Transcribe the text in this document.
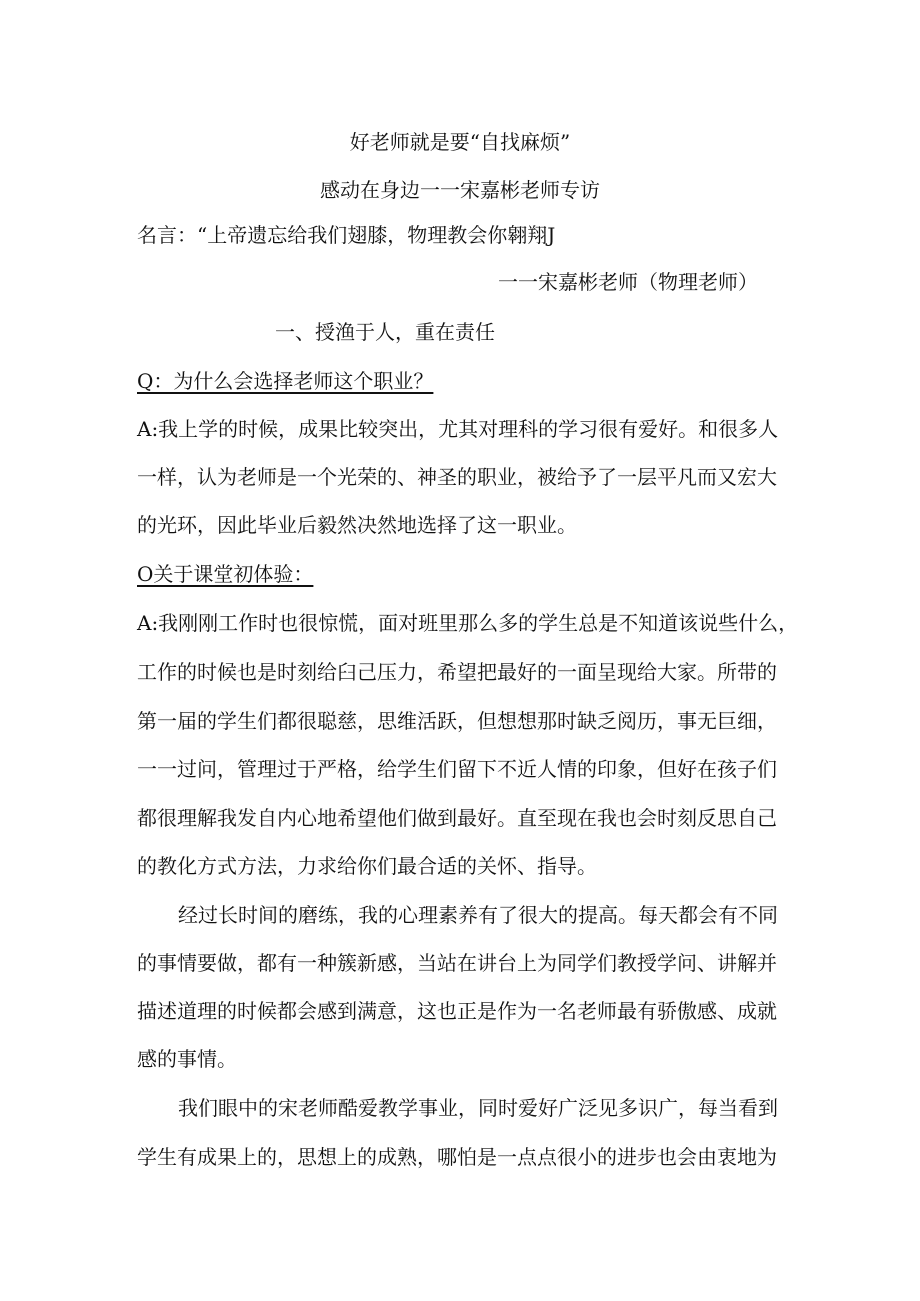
好老师就是要“自找麻烦”
感动在身边一一宋嘉彬老师专访
名言：“上帝遗忘给我们翅膝，物理教会你翱翔J
一一宋嘉彬老师（物理老师）
一、授渔于人，重在责任
Q：为什么会选择老师这个职业？
A:我上学的时候，成果比较突出，尤其对理科的学习很有爱好。和很多人
一样，认为老师是一个光荣的、神圣的职业，被给予了一层平凡而又宏大
的光环，因此毕业后毅然决然地选择了这一职业。
O关于课堂初体验：
A:我刚刚工作时也很惊慌，面对班里那么多的学生总是不知道该说些什么，
工作的时候也是时刻给臼己压力，希望把最好的一面呈现给大家。所带的
第一届的学生们都很聪慈，思维活跃，但想想那时缺乏阅历，事无巨细，
一一过问，管理过于严格，给学生们留下不近人情的印象，但好在孩子们
都很理解我发自内心地希望他们做到最好。直至现在我也会时刻反思自己
的教化方式方法，力求给你们最合适的关怀、指导。
经过长时间的磨练，我的心理素养有了很大的提高。每天都会有不同
的事情要做，都有一种簇新感，当站在讲台上为同学们教授学问、讲解并
描述道理的时候都会感到满意，这也正是作为一名老师最有骄傲感、成就
感的事情。
我们眼中的宋老师酷爱教学事业，同时爱好广泛见多识广，每当看到
学生有成果上的，思想上的成熟，哪怕是一点点很小的进步也会由衷地为
